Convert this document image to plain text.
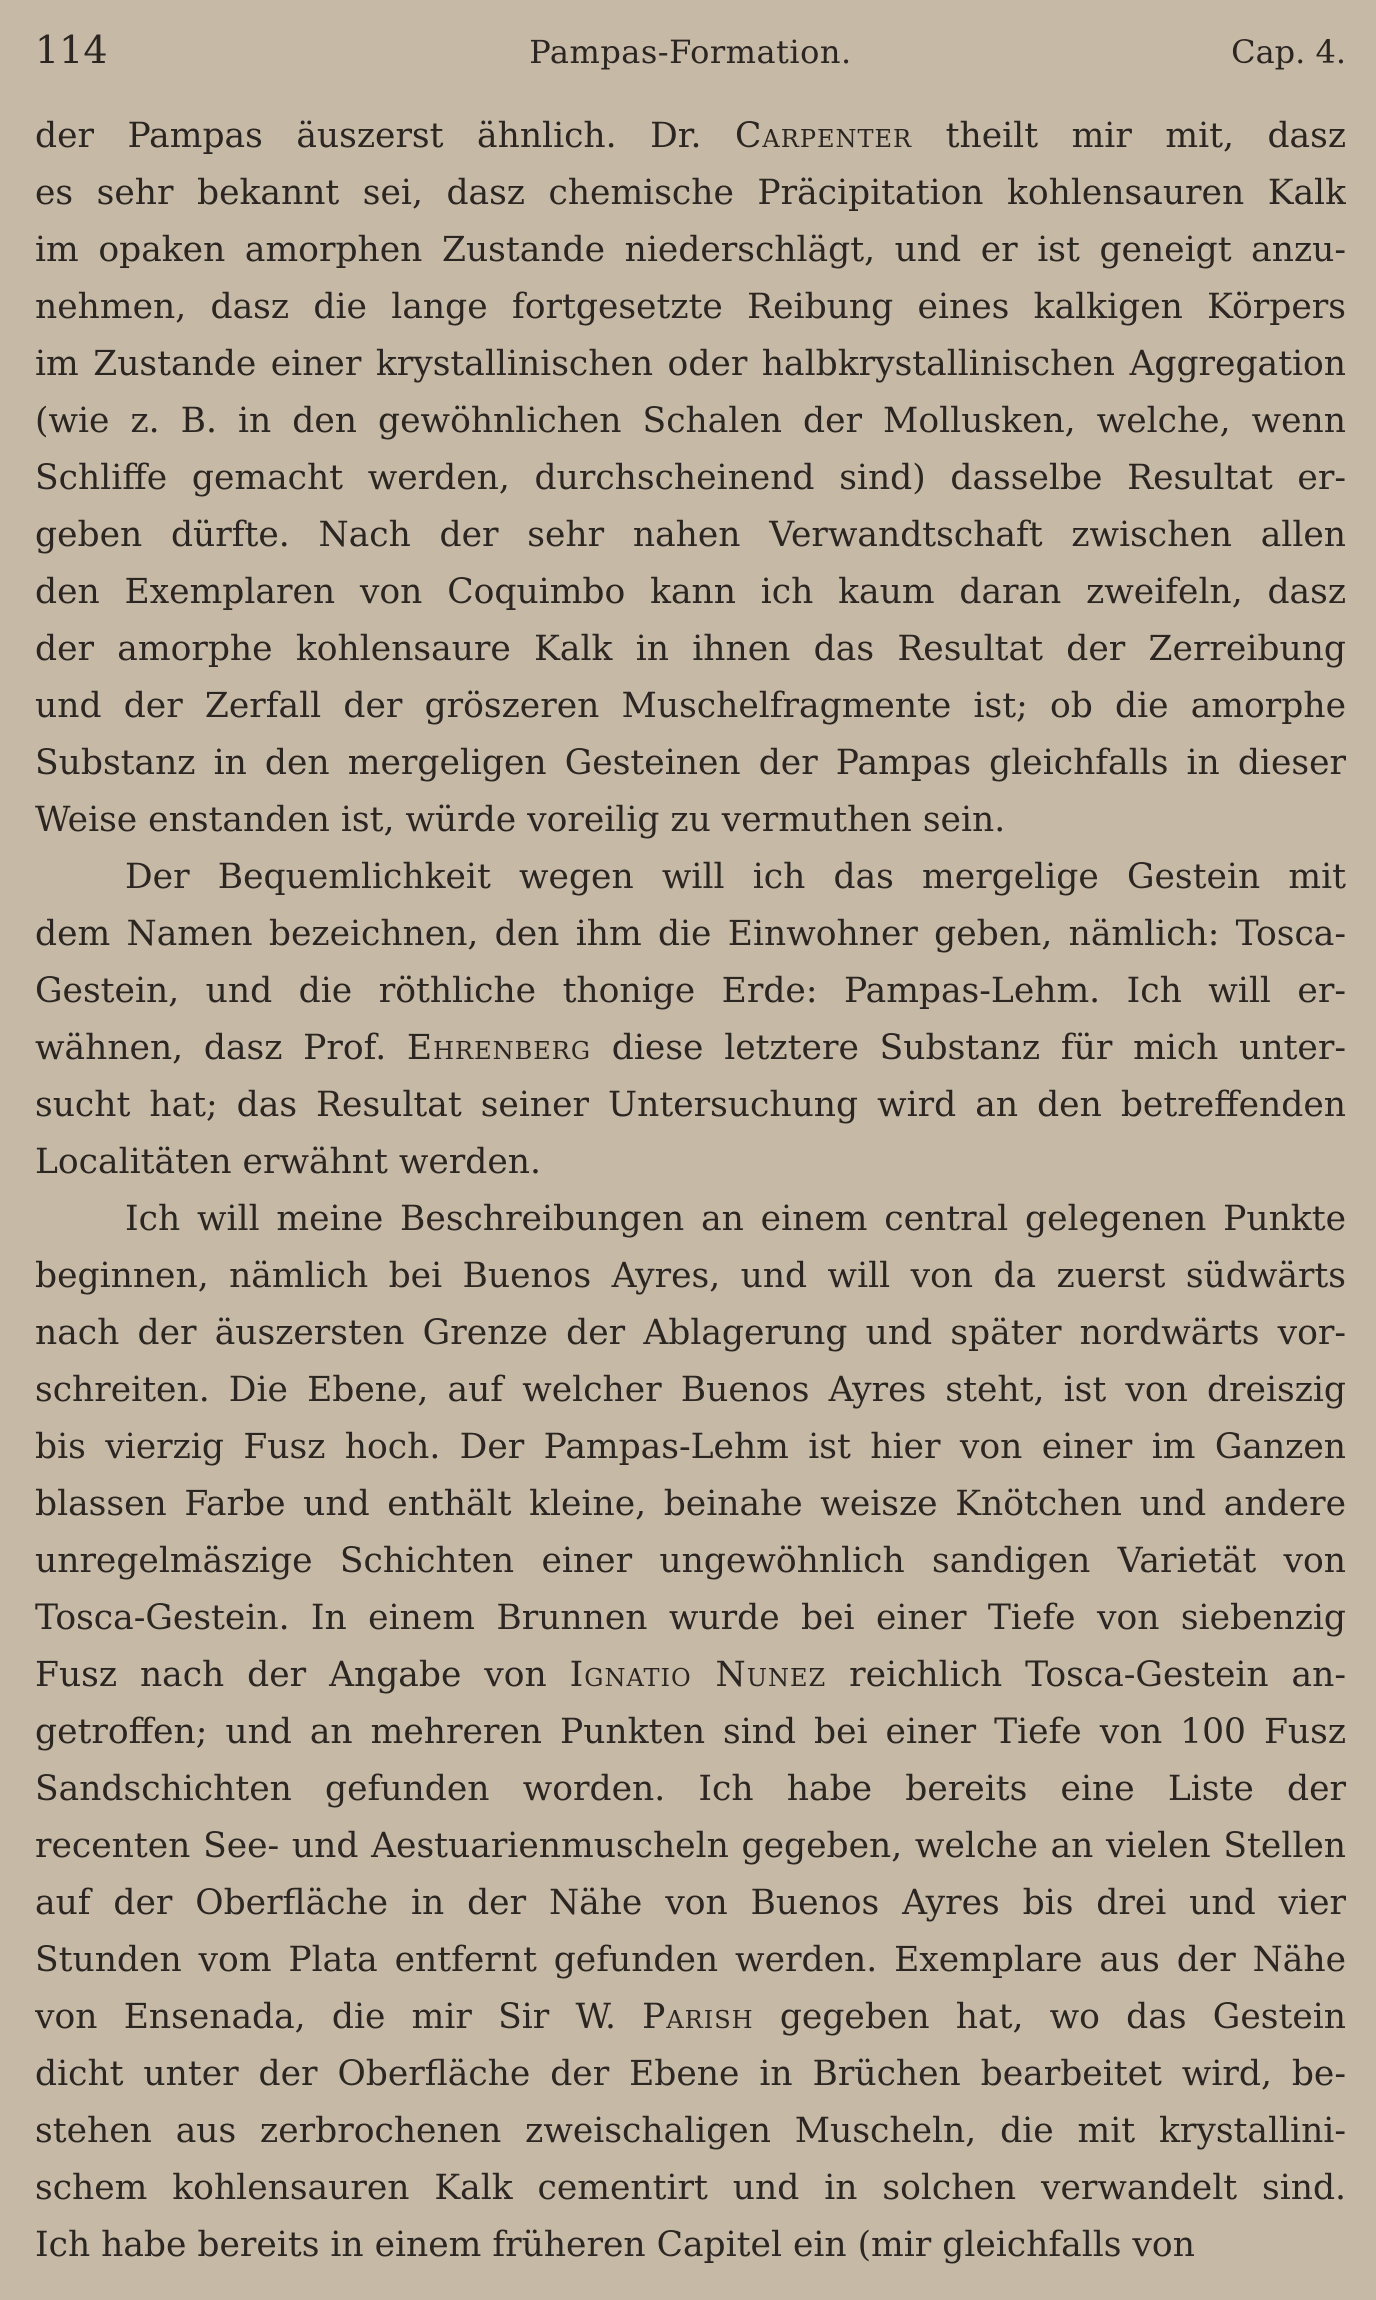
114	Pampas-Formation.	Cap. 4.
der Pampas äuszerst ähnlich. Dr. Carpenter theilt mir mit, dasz
es sehr bekannt sei, dasz chemische Präcipitation kohlensauren Kalk
im opaken amorphen Zustande niederschlägt, und er ist geneigt anzu-
nehmen, dasz die lange fortgesetzte Reibung eines kalkigen Körpers
im Zustande einer krystallinischen oder halbkrystallinischen Aggregation
(wie z. B. in den gewöhnlichen Schalen der Mollusken, welche, wenn
Schliffe gemacht werden, durchscheinend sind) dasselbe Resultat er-
geben dürfte. Nach der sehr nahen Verwandtschaft zwischen allen
den Exemplaren von Coquimbo kann ich kaum daran zweifeln, dasz
der amorphe kohlensaure Kalk in ihnen das Resultat der Zerreibung
und der Zerfall der gröszeren Muschelfragmente ist; ob die amorphe
Substanz in den mergeligen Gesteinen der Pampas gleichfalls in dieser
Weise enstanden ist, würde voreilig zu vermuthen sein.
Der Bequemlichkeit wegen will ich das mergelige Gestein mit
dem Namen bezeichnen, den ihm die Einwohner geben, nämlich: Tosca-
Gestein, und die röthliche thonige Erde: Pampas-Lehm. Ich will er-
wähnen, dasz Prof. Ehrenberg diese letztere Substanz für mich unter-
sucht hat; das Resultat seiner Untersuchung wird an den betreffenden
Localitäten erwähnt werden.
Ich will meine Beschreibungen an einem central gelegenen Punkte
beginnen, nämlich bei Buenos Ayres, und will von da zuerst südwärts
nach der äuszersten Grenze der Ablagerung und später nordwärts vor-
schreiten. Die Ebene, auf welcher Buenos Ayres steht, ist von dreiszig
bis vierzig Fusz hoch. Der Pampas-Lehm ist hier von einer im Ganzen
blassen Farbe und enthält kleine, beinahe weisze Knötchen und andere
unregelmäszige Schichten einer ungewöhnlich sandigen Varietät von
Tosca-Gestein. In einem Brunnen wurde bei einer Tiefe von siebenzig
Fusz nach der Angabe von Ignatio Nunez reichlich Tosca-Gestein an-
getroffen; und an mehreren Punkten sind bei einer Tiefe von 100 Fusz
Sandschichten gefunden worden. Ich habe bereits eine Liste der
recenten See- und Aestuarienmuscheln gegeben, welche an vielen Stellen
auf der Oberfläche in der Nähe von Buenos Ayres bis drei und vier
Stunden vom Plata entfernt gefunden werden. Exemplare aus der Nähe
von Ensenada, die mir Sir W. Parish gegeben hat, wo das Gestein
dicht unter der Oberfläche der Ebene in Brüchen bearbeitet wird, be-
stehen aus zerbrochenen zweischaligen Muscheln, die mit krystallini-
schem kohlensauren Kalk cementirt und in solchen verwandelt sind.
Ich habe bereits in einem früheren Capitel ein (mir gleichfalls von
